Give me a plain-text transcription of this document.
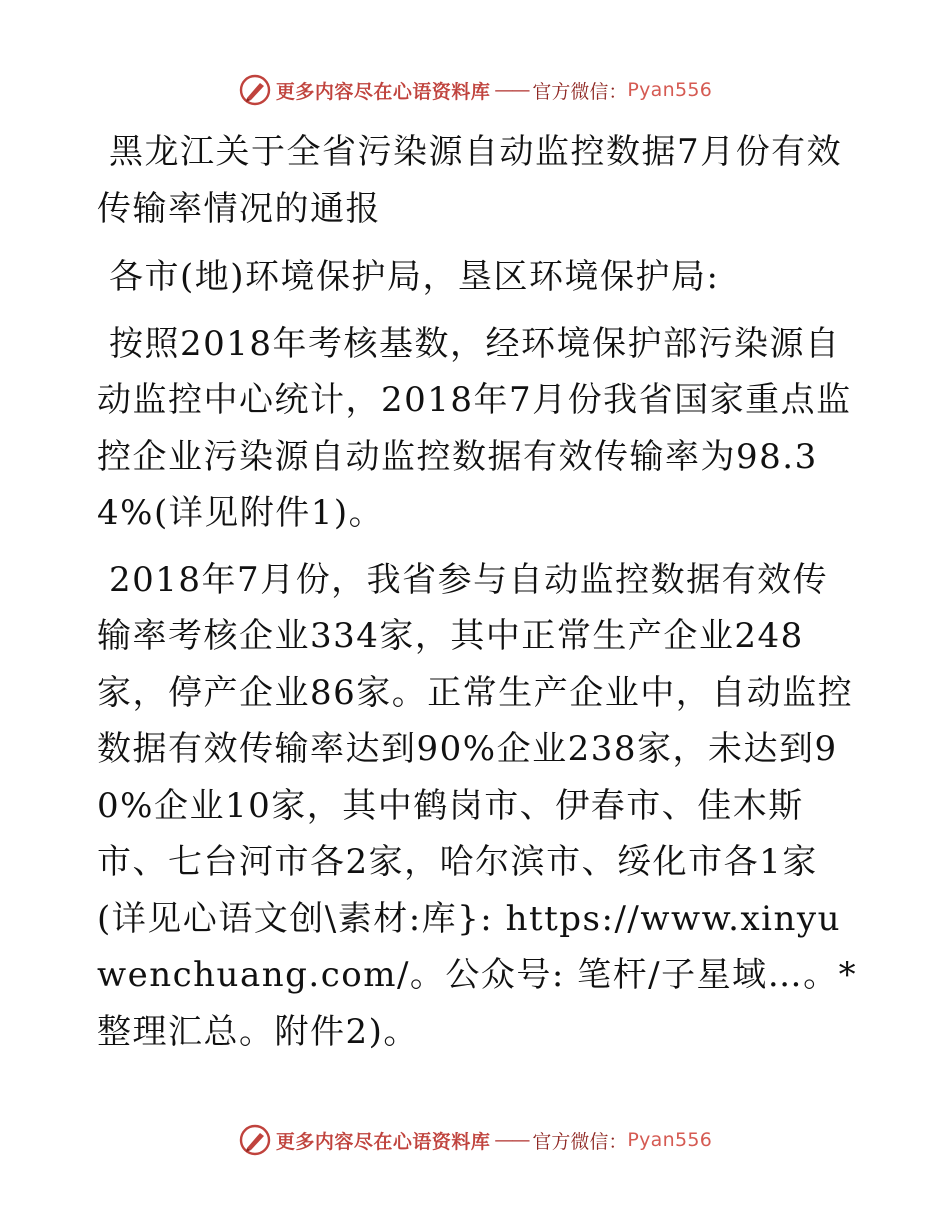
更多内容尽在心语资料库 —— 官方微信： Pyan556

黑龙江关于全省污染源自动监控数据7月份有效传输率情况的通报

各市(地)环境保护局，垦区环境保护局:

按照2018年考核基数，经环境保护部污染源自动监控中心统计，2018年7月份我省国家重点监控企业污染源自动监控数据有效传输率为98.34%(详见附件1)。

2018年7月份，我省参与自动监控数据有效传输率考核企业334家，其中正常生产企业248家，停产企业86家。正常生产企业中，自动监控数据有效传输率达到90%企业238家，未达到90%企业10家，其中鹤岗市、伊春市、佳木斯市、七台河市各2家，哈尔滨市、绥化市各1家(详见心语文创\素材:库}: https://www.xinyuwenchuang.com/。公众号: 笔杆/子星域…。*整理汇总。附件2)。

更多内容尽在心语资料库 —— 官方微信： Pyan556
